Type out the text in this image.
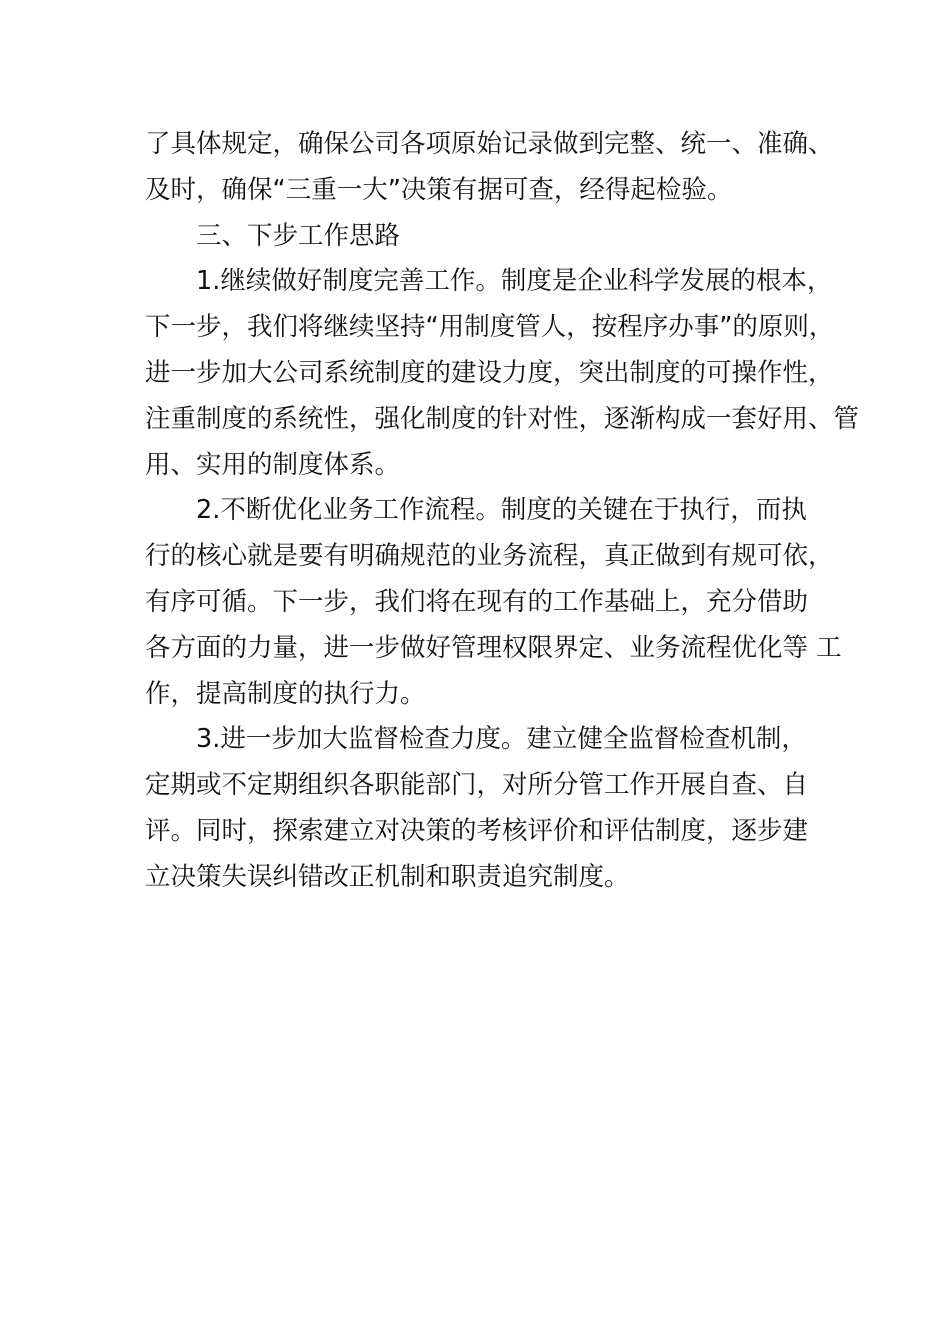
了具体规定，确保公司各项原始记录做到完整、统一、准确、
及时，确保“三重一大”决策有据可查，经得起检验。
三、下步工作思路
1.继续做好制度完善工作。制度是企业科学发展的根本，
下一步，我们将继续坚持“用制度管人，按程序办事”的原则，
进一步加大公司系统制度的建设力度，突出制度的可操作性，
注重制度的系统性，强化制度的针对性，逐渐构成一套好用、管
用、实用的制度体系。
2.不断优化业务工作流程。制度的关键在于执行，而执
行的核心就是要有明确规范的业务流程，真正做到有规可依，
有序可循。下一步，我们将在现有的工作基础上，充分借助
各方面的力量，进一步做好管理权限界定、业务流程优化等 工
作，提高制度的执行力。
3.进一步加大监督检查力度。建立健全监督检查机制，
定期或不定期组织各职能部门，对所分管工作开展自查、自
评。同时，探索建立对决策的考核评价和评估制度，逐步建
立决策失误纠错改正机制和职责追究制度。
